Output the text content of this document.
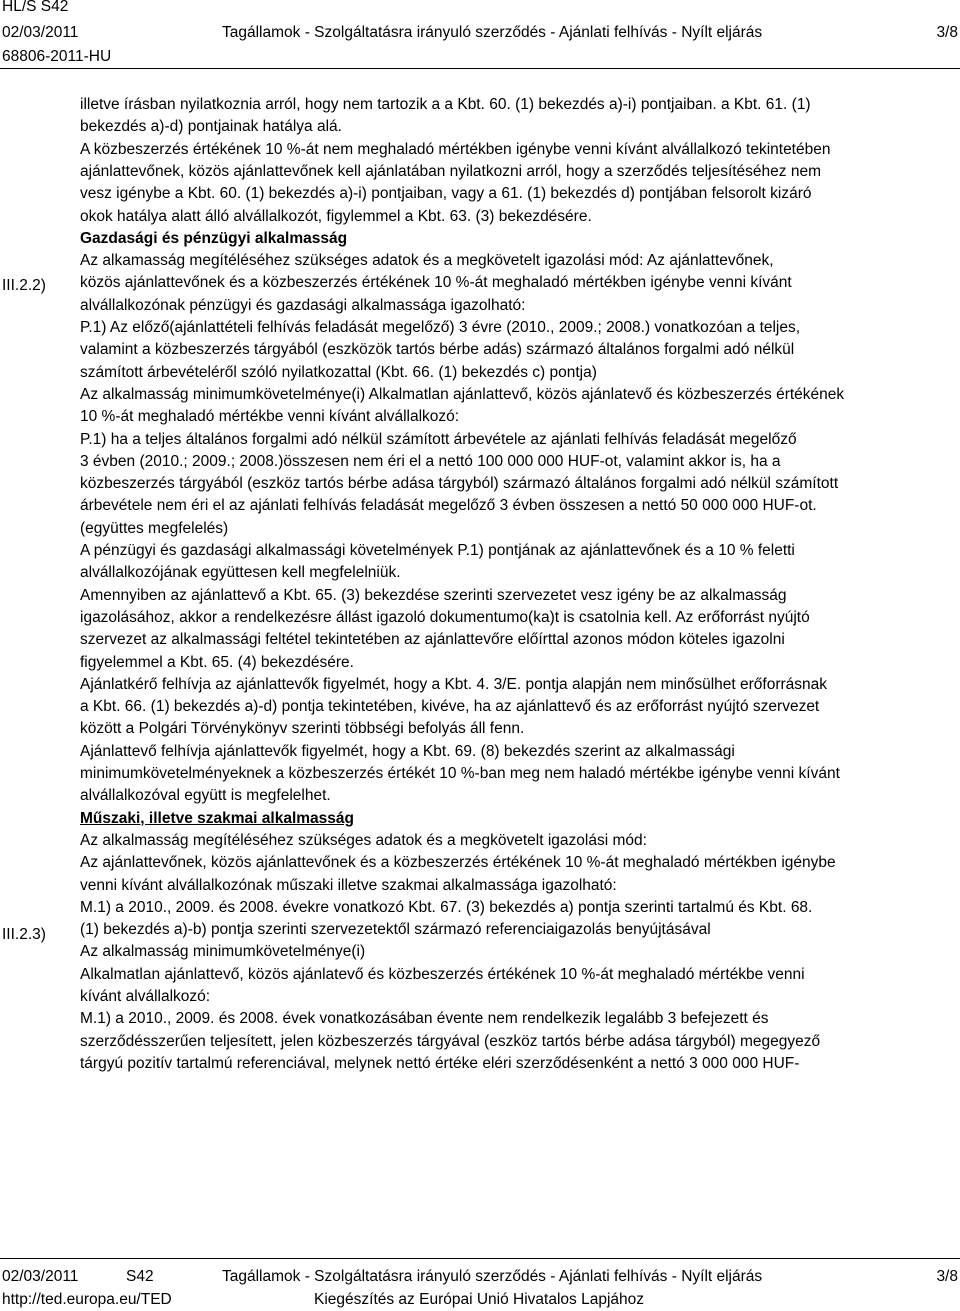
HL/S S42
02/03/2011
68806-2011-HU
Tagállamok - Szolgáltatásra irányuló szerződés - Ajánlati felhívás - Nyílt eljárás	3/8
III.2.2)
III.2.3)
illetve írásban nyilatkoznia arról, hogy nem tartozik a a Kbt. 60. (1) bekezdés a)-i) pontjaiban. a Kbt. 61. (1)
bekezdés a)-d) pontjainak hatálya alá.
A közbeszerzés értékének 10 %-át nem meghaladó mértékben igénybe venni kívánt alvállalkozó tekintetében
ajánlattevőnek, közös ajánlattevőnek kell ajánlatában nyilatkozni arról, hogy a szerződés teljesítéséhez nem
vesz igénybe a Kbt. 60. (1) bekezdés a)-i) pontjaiban, vagy a 61. (1) bekezdés d) pontjában felsorolt kizáró
okok hatálya alatt álló alvállalkozót, figylemmel a Kbt. 63. (3) bekezdésére.
Gazdasági és pénzügyi alkalmasság
Az alkamasság megítéléséhez szükséges adatok és a megkövetelt igazolási mód: Az ajánlattevőnek,
közös ajánlattevőnek és a közbeszerzés értékének 10 %-át meghaladó mértékben igénybe venni kívánt
alvállalkozónak pénzügyi és gazdasági alkalmassága igazolható:
P.1) Az előző(ajánlattételi felhívás feladását megelőző) 3 évre (2010., 2009.; 2008.) vonatkozóan a teljes,
valamint a közbeszerzés tárgyából (eszközök tartós bérbe adás) származó általános forgalmi adó nélkül
számított árbevételéről szóló nyilatkozattal (Kbt. 66. (1) bekezdés c) pontja)
Az alkalmasság minimumkövetelménye(i) Alkalmatlan ajánlattevő, közös ajánlatevő és közbeszerzés értékének
10 %-át meghaladó mértékbe venni kívánt alvállalkozó:
P.1) ha a teljes általános forgalmi adó nélkül számított árbevétele az ajánlati felhívás feladását megelőző
3 évben (2010.; 2009.; 2008.)összesen nem éri el a nettó 100 000 000 HUF-ot, valamint akkor is, ha a
közbeszerzés tárgyából (eszköz tartós bérbe adása tárgyból) származó általános forgalmi adó nélkül számított
árbevétele nem éri el az ajánlati felhívás feladását megelőző 3 évben összesen a nettó 50 000 000 HUF-ot.
(együttes megfelelés)
A pénzügyi és gazdasági alkalmassági követelmények P.1) pontjának az ajánlattevőnek és a 10 % feletti
alvállalkozójának együttesen kell megfelelniük.
Amennyiben az ajánlattevő a Kbt. 65. (3) bekezdése szerinti szervezetet vesz igény be az alkalmasság
igazolásához, akkor a rendelkezésre állást igazoló dokumentumo(ka)t is csatolnia kell. Az erőforrást nyújtó
szervezet az alkalmassági feltétel tekintetében az ajánlattevőre előírttal azonos módon köteles igazolni
figyelemmel a Kbt. 65. (4) bekezdésére.
Ajánlatkérő felhívja az ajánlattevők figyelmét, hogy a Kbt. 4. 3/E. pontja alapján nem minősülhet erőforrásnak
a Kbt. 66. (1) bekezdés a)-d) pontja tekintetében, kivéve, ha az ajánlattevő és az erőforrást nyújtó szervezet
között a Polgári Törvénykönyv szerinti többségi befolyás áll fenn.
Ajánlattevő felhívja ajánlattevők figyelmét, hogy a Kbt. 69. (8) bekezdés szerint az alkalmassági
minimumkövetelményeknek a közbeszerzés értékét 10 %-ban meg nem haladó mértékbe igénybe venni kívánt
alvállalkozóval együtt is megfelelhet.
Műszaki, illetve szakmai alkalmasság
Az alkalmasság megítéléséhez szükséges adatok és a megkövetelt igazolási mód:
Az ajánlattevőnek, közös ajánlattevőnek és a közbeszerzés értékének 10 %-át meghaladó mértékben igénybe
venni kívánt alvállalkozónak műszaki illetve szakmai alkalmassága igazolható:
M.1) a 2010., 2009. és 2008. évekre vonatkozó Kbt. 67. (3) bekezdés a) pontja szerinti tartalmú és Kbt. 68.
(1) bekezdés a)-b) pontja szerinti szervezetektől származó referenciaigazolás benyújtásával
Az alkalmasság minimumkövetelménye(i)
Alkalmatlan ajánlattevő, közös ajánlatevő és közbeszerzés értékének 10 %-át meghaladó mértékbe venni
kívánt alvállalkozó:
M.1) a 2010., 2009. és 2008. évek vonatkozásában évente nem rendelkezik legalább 3 befejezett és
szerződésszerűen teljesített, jelen közbeszerzés tárgyával (eszköz tartós bérbe adása tárgyból) megegyező
tárgyú pozitív tartalmú referenciával, melynek nettó értéke eléri szerződésenként a nettó 3 000 000 HUF-
02/03/2011	S42	Tagállamok - Szolgáltatásra irányuló szerződés - Ajánlati felhívás - Nyílt eljárás	3/8
http://ted.europa.eu/TED	Kiegészítés az Európai Unió Hivatalos Lapjához
